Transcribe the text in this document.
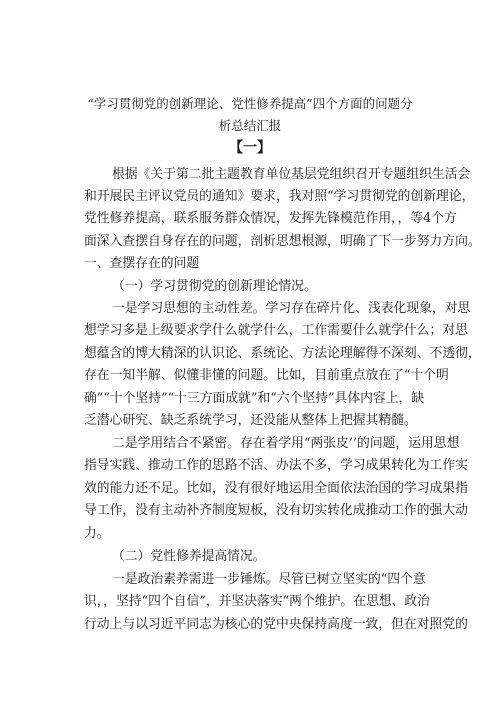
“学习贯彻党的创新理论、党性修养提高”四个方面的问题分
析总结汇报
【一】
根据《关于第二批主题教育单位基层党组织召开专题组织生活会
和开展民主评议党员的通知》要求，我对照“学习贯彻党的创新理论，
党性修养提高，联系服务群众情况，发挥先锋模范作用，，等4个方
面深入查摆自身存在的问题，剖析思想根源，明确了下一步努力方向。
一、查摆存在的问题
（一）学习贯彻党的创新理论情况。
一是学习思想的主动性差。学习存在碎片化、浅表化现象，对思
想学习多是上级要求学什么就学什么，工作需要什么就学什么；对思
想蕴含的博大精深的认识论、系统论、方法论理解得不深刻、不透彻，
存在一知半解、似懂非懂的问题。比如，目前重点放在了“十个明
确”“十个坚持”“十三方面成就”和“六个坚持”具体内容上，缺
乏潜心研究、缺乏系统学习，还没能从整体上把握其精髓。
二是学用结合不紧密。存在着学用“两张皮’’的问题，运用思想
指导实践、推动工作的思路不活、办法不多，学习成果转化为工作实
效的能力还不足。比如，没有很好地运用全面依法治国的学习成果指
导工作，没有主动补齐制度短板，没有切实转化成推动工作的强大动
力。
（二）党性修养提高情况。
一是政治素养需进一步锤炼。尽管已树立坚实的“四个意
识，，坚持“四个自信”，并坚决落实“两个维护。在思想、政治
行动上与以习近平同志为核心的党中央保持高度一致，但在对照党的
